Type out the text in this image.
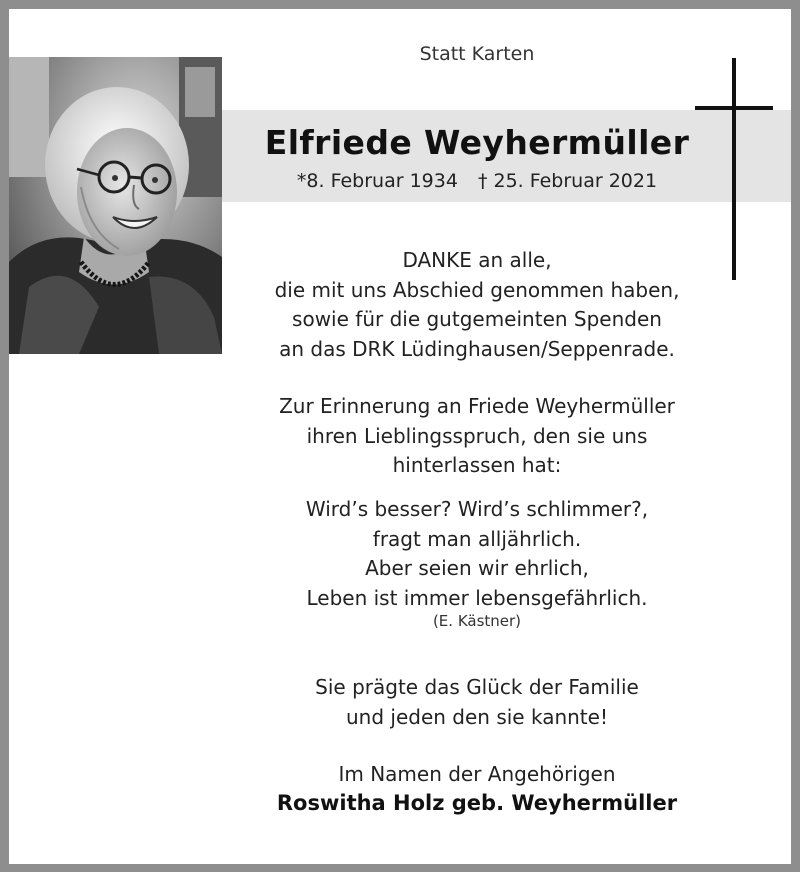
Statt Karten
Elfriede Weyhermüller
*8. Februar 1934 † 25. Februar 2021
DANKE an alle,
die mit uns Abschied genommen haben,
sowie für die gutgemeinten Spenden
an das DRK Lüdinghausen/Seppenrade.
Zur Erinnerung an Friede Weyhermüller
ihren Lieblingsspruch, den sie uns
hinterlassen hat:
Wird’s besser? Wird’s schlimmer?,
fragt man alljährlich.
Aber seien wir ehrlich,
Leben ist immer lebensgefährlich.
(E. Kästner)
Sie prägte das Glück der Familie
und jeden den sie kannte!
Im Namen der Angehörigen
Roswitha Holz geb. Weyhermüller
